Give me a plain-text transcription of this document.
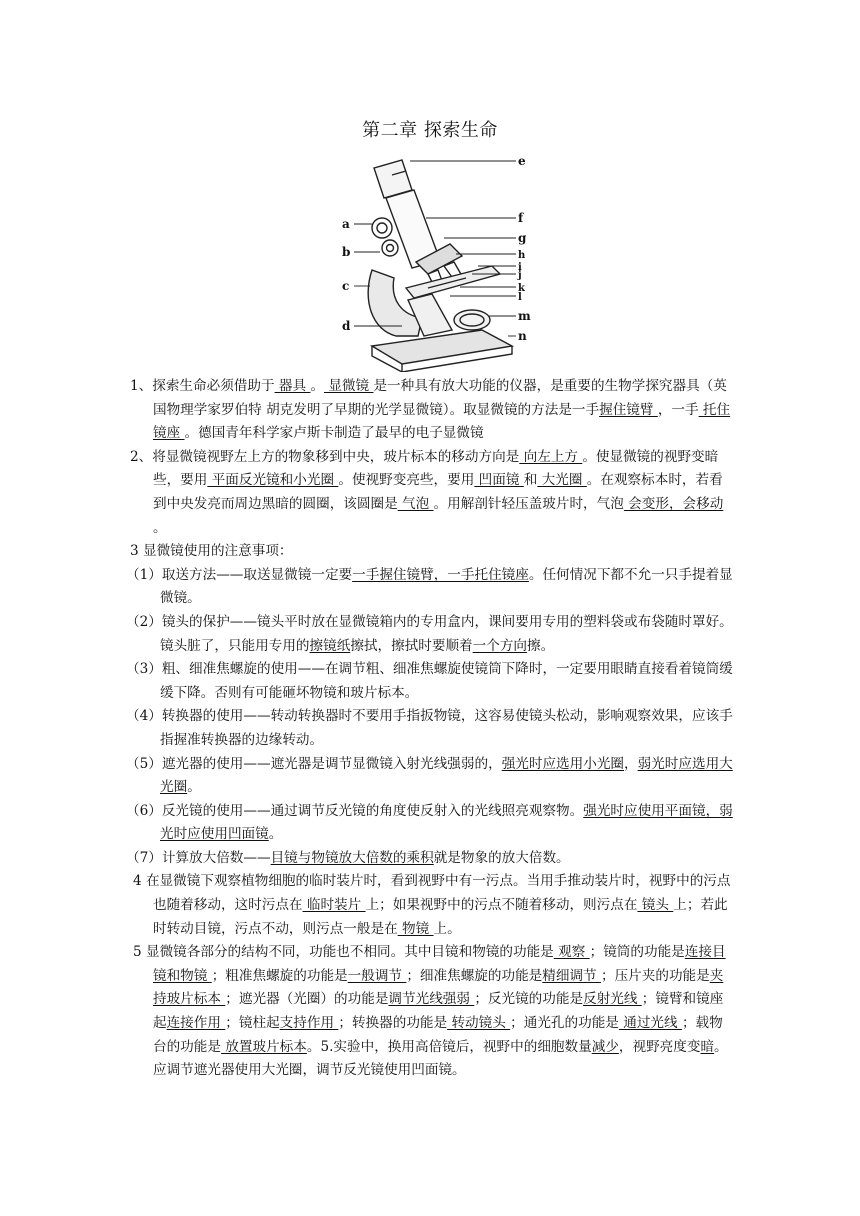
第二章 探索生命
a
b
c
d
e
f
g
h
i
j
k
l
m
n

1、探索生命必须借助于 器具 。 显微镜 是一种具有放大功能的仪器，是重要的生物学探究器具（英国物理学家罗伯特 胡克发明了早期的光学显微镜）。取显微镜的方法是一手握住镜臂 ，一手 托住镜座 。德国青年科学家卢斯卡制造了最早的电子显微镜

2、将显微镜视野左上方的物象移到中央，玻片标本的移动方向是 向左上方 。使显微镜的视野变暗些，要用 平面反光镜和小光圈 。使视野变亮些，要用 凹面镜 和 大光圈 。在观察标本时，若看到中央发亮而周边黑暗的圆圈，该圆圈是 气泡 。用解剖针轻压盖玻片时，气泡 会变形，会移动 。

3 显微镜使用的注意事项：

（1）取送方法——取送显微镜一定要一手握住镜臂，一手托住镜座。任何情况下都不允一只手提着显微镜。

（2）镜头的保护——镜头平时放在显微镜箱内的专用盒内，课间要用专用的塑料袋或布袋随时罩好。镜头脏了，只能用专用的擦镜纸擦拭，擦拭时要顺着一个方向擦。

（3）粗、细准焦螺旋的使用——在调节粗、细准焦螺旋使镜筒下降时，一定要用眼睛直接看着镜筒缓缓下降。否则有可能砸坏物镜和玻片标本。

（4）转换器的使用——转动转换器时不要用手指扳物镜，这容易使镜头松动，影响观察效果，应该手指握准转换器的边缘转动。

（5）遮光器的使用——遮光器是调节显微镜入射光线强弱的，强光时应选用小光圈，弱光时应选用大光圈。

（6）反光镜的使用——通过调节反光镜的角度使反射入的光线照亮观察物。强光时应使用平面镜，弱光时应使用凹面镜。

（7）计算放大倍数——目镜与物镜放大倍数的乘积就是物象的放大倍数。

4 在显微镜下观察植物细胞的临时装片时，看到视野中有一污点。当用手推动装片时，视野中的污点也随着移动，这时污点在 临时装片 上；如果视野中的污点不随着移动，则污点在 镜头 上；若此时转动目镜，污点不动，则污点一般是在 物镜 上。

5 显微镜各部分的结构不同，功能也不相同。其中目镜和物镜的功能是 观察 ；镜筒的功能是连接目镜和物镜 ；粗准焦螺旋的功能是一般调节 ；细准焦螺旋的功能是精细调节 ；压片夹的功能是夹持玻片标本 ；遮光器（光圈）的功能是调节光线强弱 ；反光镜的功能是反射光线 ；镜臂和镜座起连接作用 ；镜柱起支持作用 ；转换器的功能是 转动镜头 ；通光孔的功能是 通过光线 ；载物台的功能是 放置玻片标本。5.实验中，换用高倍镜后，视野中的细胞数量减少，视野亮度变暗。应调节遮光器使用大光圈，调节反光镜使用凹面镜。
